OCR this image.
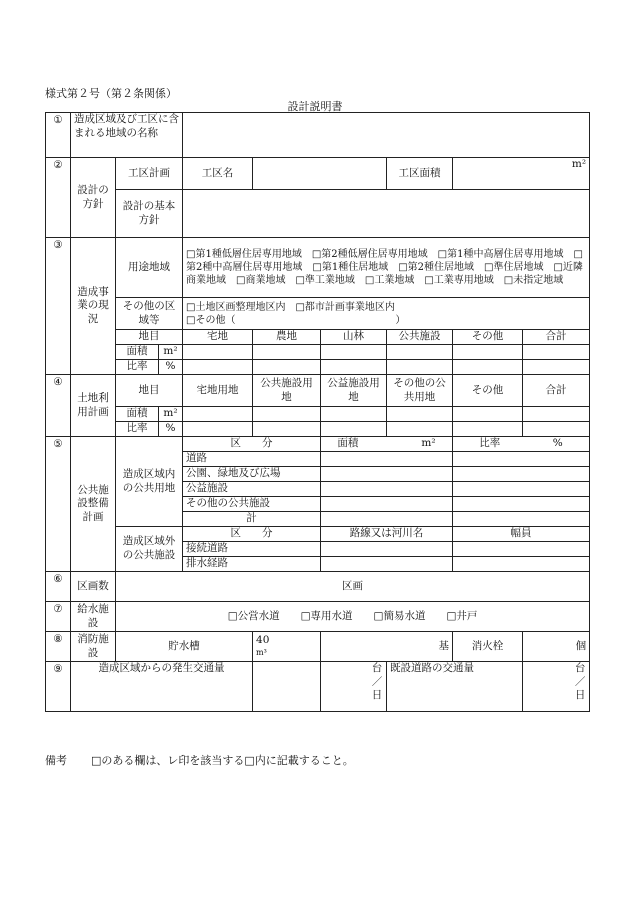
様式第２号（第２条関係）
設計説明書
①	造成区域及び工区に含まれる地域の名称								
②	設計の方針	工区計画		工区名			工区面積	m²	
		設計の基本方針							
③	造成事業の現況	用途地域		□第1種低層住居専用地域　□第2種低層住居専用地域　□第1種中高層住居専用地域　□第2種中高層住居専用地域　□第1種住居地域　□第2種住居地域　□準住居地域　□近隣商業地域　□商業地域　□準工業地域　□工業地域　□工業専用地域　□未指定地域					
		その他の区域等		□土地区画整理地区内　□都市計画事業地区内
□その他（　　　　　　　　　　　　　　　　）					

		地目		宅地	農地	山林	公共施設	その他	合計
		面積	m²						
		比率	%						
④	土地利用計画	地目		宅地用地	公共施設用地	公益施設用地	その他の公共用地	その他	合計
		面積	m²						
		比率	%						
⑤	公共施設整備計画	造成区域内の公共用地		区　　分		面積　　　　　　 m²		比率　　　　　 %	
				道路					
				公園、緑地及び広場					
				公益施設					
				その他の公共施設					
				計					
		造成区域外の公共施設		区　　分		路線又は河川名		幅員	
				接続道路					
				排水経路					
⑥	区画数	区画							
⑦	給水施設	□公営水道　　□専用水道　　□簡易水道　　□井戸							
⑧	消防施設	貯水槽			40
m³	基		消火栓	個
⑨	造成区域からの発生交通量					台／日	既設道路の交通量		台／日
備考 □のある欄は、レ印を該当する□内に記載すること。
